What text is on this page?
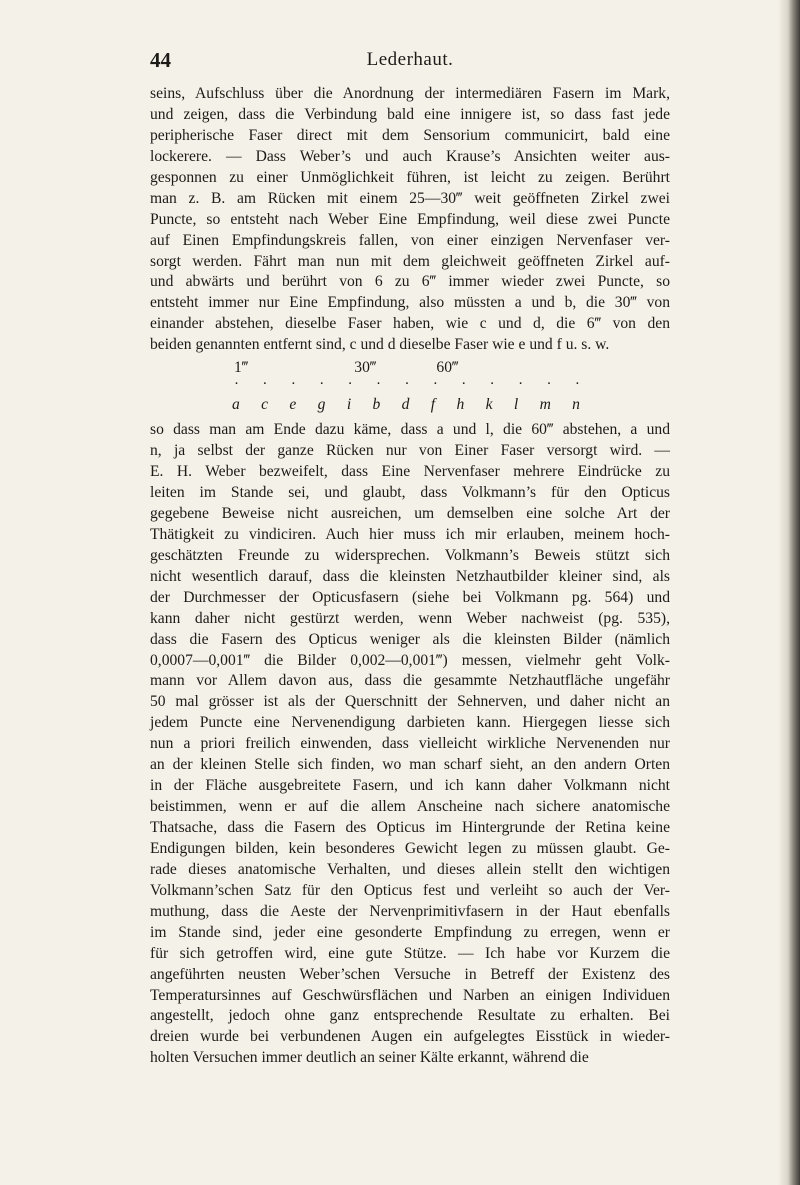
44	Lederhaut.
seins, Aufschluss über die Anordnung der intermediären Fasern im Mark,
und zeigen, dass die Verbindung bald eine innigere ist, so dass fast jede
peripherische Faser direct mit dem Sensorium communicirt, bald eine
lockerere. — Dass Weber’s und auch Krause’s Ansichten weiter aus-
gesponnen zu einer Unmöglichkeit führen, ist leicht zu zeigen. Berührt
man z. B. am Rücken mit einem 25—30‴ weit geöffneten Zirkel zwei
Puncte, so entsteht nach Weber Eine Empfindung, weil diese zwei Puncte
auf Einen Empfindungskreis fallen, von einer einzigen Nervenfaser ver-
sorgt werden. Fährt man nun mit dem gleichweit geöffneten Zirkel auf-
und abwärts und berührt von 6 zu 6‴ immer wieder zwei Puncte, so
entsteht immer nur Eine Empfindung, also müssten a und b, die 30‴ von
einander abstehen, dieselbe Faser haben, wie c und d, die 6‴ von den
beiden genannten entfernt sind, c und d dieselbe Faser wie e und f u. s. w.
1‴	30‴	60‴
· · · · · · · · · · · · ·
a c e g i b d f h k l m n
so dass man am Ende dazu käme, dass a und l, die 60‴ abstehen, a und
n, ja selbst der ganze Rücken nur von Einer Faser versorgt wird. —
E. H. Weber bezweifelt, dass Eine Nervenfaser mehrere Eindrücke zu
leiten im Stande sei, und glaubt, dass Volkmann’s für den Opticus
gegebene Beweise nicht ausreichen, um demselben eine solche Art der
Thätigkeit zu vindiciren. Auch hier muss ich mir erlauben, meinem hoch-
geschätzten Freunde zu widersprechen. Volkmann’s Beweis stützt sich
nicht wesentlich darauf, dass die kleinsten Netzhautbilder kleiner sind, als
der Durchmesser der Opticusfasern (siehe bei Volkmann pg. 564) und
kann daher nicht gestürzt werden, wenn Weber nachweist (pg. 535),
dass die Fasern des Opticus weniger als die kleinsten Bilder (nämlich
0,0007—0,001‴ die Bilder 0,002—0,001‴) messen, vielmehr geht Volk-
mann vor Allem davon aus, dass die gesammte Netzhautfläche ungefähr
50 mal grösser ist als der Querschnitt der Sehnerven, und daher nicht an
jedem Puncte eine Nervenendigung darbieten kann. Hiergegen liesse sich
nun a priori freilich einwenden, dass vielleicht wirkliche Nervenenden nur
an der kleinen Stelle sich finden, wo man scharf sieht, an den andern Orten
in der Fläche ausgebreitete Fasern, und ich kann daher Volkmann nicht
beistimmen, wenn er auf die allem Anscheine nach sichere anatomische
Thatsache, dass die Fasern des Opticus im Hintergrunde der Retina keine
Endigungen bilden, kein besonderes Gewicht legen zu müssen glaubt. Ge-
rade dieses anatomische Verhalten, und dieses allein stellt den wichtigen
Volkmann’schen Satz für den Opticus fest und verleiht so auch der Ver-
muthung, dass die Aeste der Nervenprimitivfasern in der Haut ebenfalls
im Stande sind, jeder eine gesonderte Empfindung zu erregen, wenn er
für sich getroffen wird, eine gute Stütze. — Ich habe vor Kurzem die
angeführten neusten Weber’schen Versuche in Betreff der Existenz des
Temperatursinnes auf Geschwürsflächen und Narben an einigen Individuen
angestellt, jedoch ohne ganz entsprechende Resultate zu erhalten. Bei
dreien wurde bei verbundenen Augen ein aufgelegtes Eisstück in wieder-
holten Versuchen immer deutlich an seiner Kälte erkannt, während die
